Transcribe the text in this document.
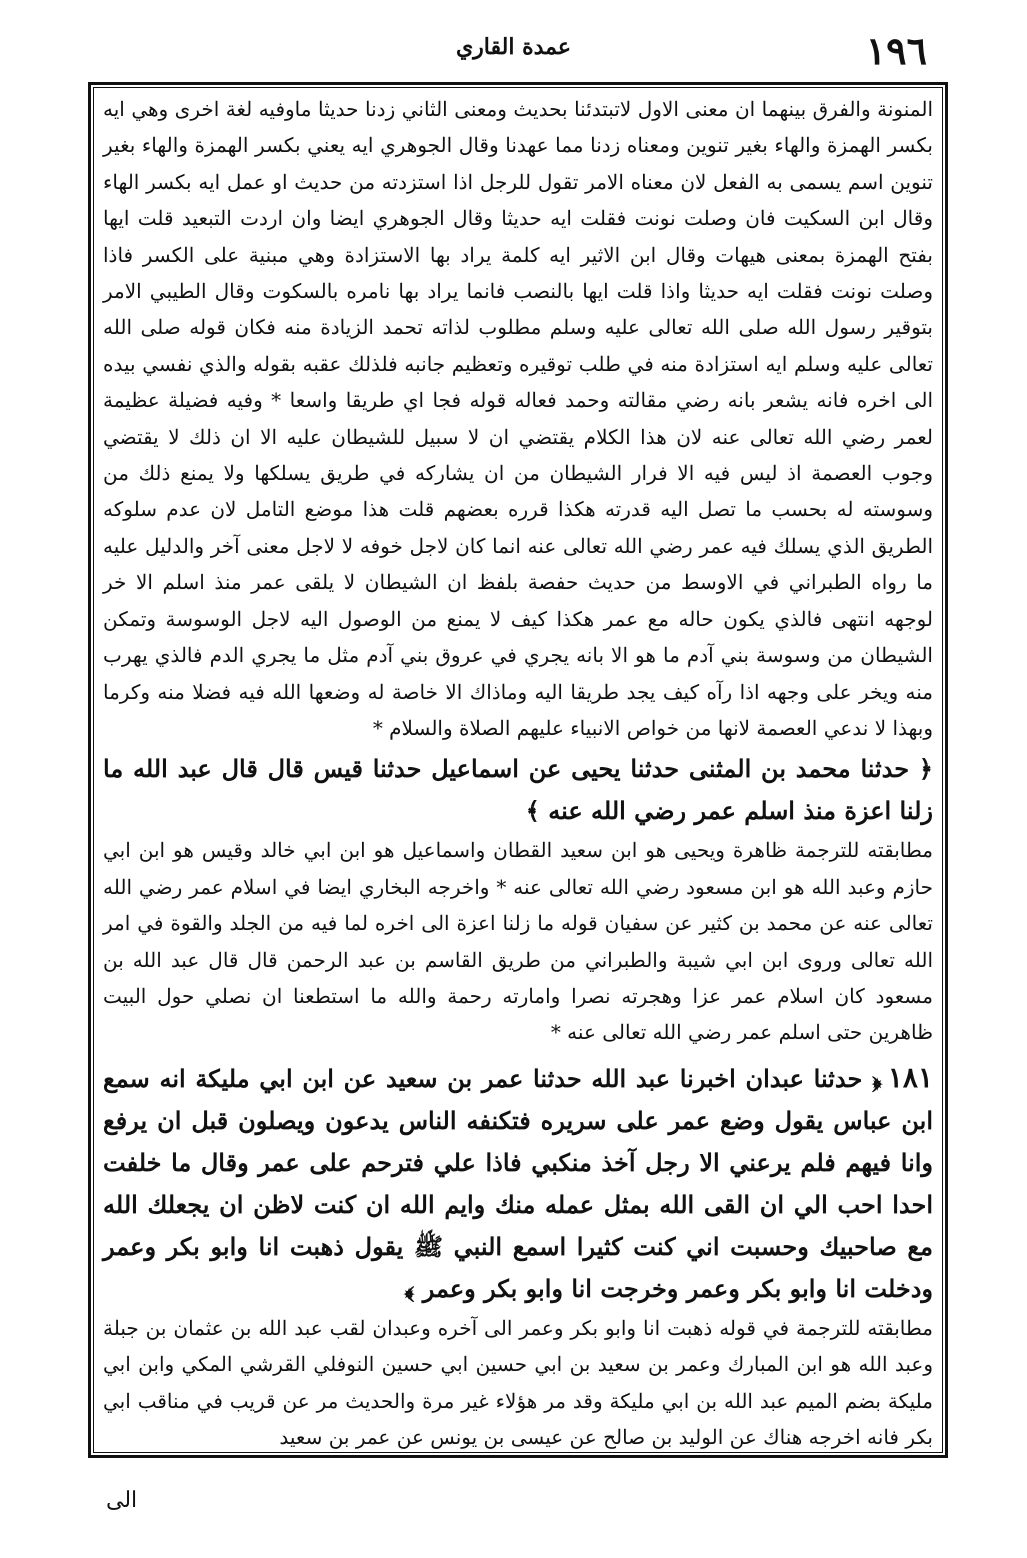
١٩٦
عمدة القاري

المنونة والفرق بينهما ان معنى الاول لاتبتدئنا بحديث ومعنى الثاني زدنا حديثا ماوفيه لغة اخرى وهي ايه بكسر الهمزة والهاء بغير تنوين ومعناه زدنا مما عهدنا وقال الجوهري ايه يعني بكسر الهمزة والهاء بغير تنوين اسم يسمى به الفعل لان معناه الامر تقول للرجل اذا استزدته من حديث او عمل ايه بكسر الهاء وقال ابن السكيت فان وصلت نونت فقلت ايه حديثا وقال الجوهري ايضا وان اردت التبعيد قلت ايها بفتح الهمزة بمعنى هيهات وقال ابن الاثير ايه كلمة يراد بها الاستزادة وهي مبنية على الكسر فاذا وصلت نونت فقلت ايه حديثا واذا قلت ايها بالنصب فانما يراد بها نامره بالسكوت وقال الطيبي الامر بتوقير رسول الله صلى الله تعالى عليه وسلم مطلوب لذاته تحمد الزيادة منه فكان قوله صلى الله تعالى عليه وسلم ايه استزادة منه في طلب توقيره وتعظيم جانبه فلذلك عقبه بقوله والذي نفسي بيده الى اخره فانه يشعر بانه رضي مقالته وحمد فعاله قوله فجا اي طريقا واسعا * وفيه فضيلة عظيمة لعمر رضي الله تعالى عنه لان هذا الكلام يقتضي ان لا سبيل للشيطان عليه الا ان ذلك لا يقتضي وجوب العصمة اذ ليس فيه الا فرار الشيطان من ان يشاركه في طريق يسلكها ولا يمنع ذلك من وسوسته له بحسب ما تصل اليه قدرته هكذا قرره بعضهم قلت هذا موضع التامل لان عدم سلوكه الطريق الذي يسلك فيه عمر رضي الله تعالى عنه انما كان لاجل خوفه لا لاجل معنى آخر والدليل عليه ما رواه الطبراني في الاوسط من حديث حفصة بلفظ ان الشيطان لا يلقى عمر منذ اسلم الا خر لوجهه انتهى فالذي يكون حاله مع عمر هكذا كيف لا يمنع من الوصول اليه لاجل الوسوسة وتمكن الشيطان من وسوسة بني آدم ما هو الا بانه يجري في عروق بني آدم مثل ما يجري الدم فالذي يهرب منه ويخر على وجهه اذا رآه كيف يجد طريقا اليه وماذاك الا خاصة له وضعها الله فيه فضلا منه وكرما وبهذا لا ندعي العصمة لانها من خواص الانبياء عليهم الصلاة والسلام *

﴿ حدثنا محمد بن المثنى حدثنا يحيى عن اسماعيل حدثنا قيس قال قال عبد الله ما زلنا اعزة منذ اسلم عمر رضي الله عنه ﴾

مطابقته للترجمة ظاهرة ويحيى هو ابن سعيد القطان واسماعيل هو ابن ابي خالد وقيس هو ابن ابي حازم وعبد الله هو ابن مسعود رضي الله تعالى عنه * واخرجه البخاري ايضا في اسلام عمر رضي الله تعالى عنه عن محمد بن كثير عن سفيان قوله ما زلنا اعزة الى اخره لما فيه من الجلد والقوة في امر الله تعالى وروى ابن ابي شيبة والطبراني من طريق القاسم بن عبد الرحمن قال قال عبد الله بن مسعود كان اسلام عمر عزا وهجرته نصرا وامارته رحمة والله ما استطعنا ان نصلي حول البيت ظاهرين حتى اسلم عمر رضي الله تعالى عنه *

١٨١﴿ حدثنا عبدان اخبرنا عبد الله حدثنا عمر بن سعيد عن ابن ابي مليكة انه سمع ابن عباس يقول وضع عمر على سريره فتكنفه الناس يدعون ويصلون قبل ان يرفع وانا فيهم فلم يرعني الا رجل آخذ منكبي فاذا علي فترحم على عمر وقال ما خلفت احدا احب الي ان القى الله بمثل عمله منك وايم الله ان كنت لاظن ان يجعلك الله مع صاحبيك وحسبت اني كنت كثيرا اسمع النبي ﷺ يقول ذهبت انا وابو بكر وعمر ودخلت انا وابو بكر وعمر وخرجت انا وابو بكر وعمر ﴾

مطابقته للترجمة في قوله ذهبت انا وابو بكر وعمر الى آخره وعبدان لقب عبد الله بن عثمان بن جبلة وعبد الله هو ابن المبارك وعمر بن سعيد بن ابي حسين ابي حسين النوفلي القرشي المكي وابن ابي مليكة بضم الميم عبد الله بن ابي مليكة وقد مر هؤلاء غير مرة والحديث مر عن قريب في مناقب ابي بكر فانه اخرجه هناك عن الوليد بن صالح عن عيسى بن يونس عن عمر بن سعيد

الى
